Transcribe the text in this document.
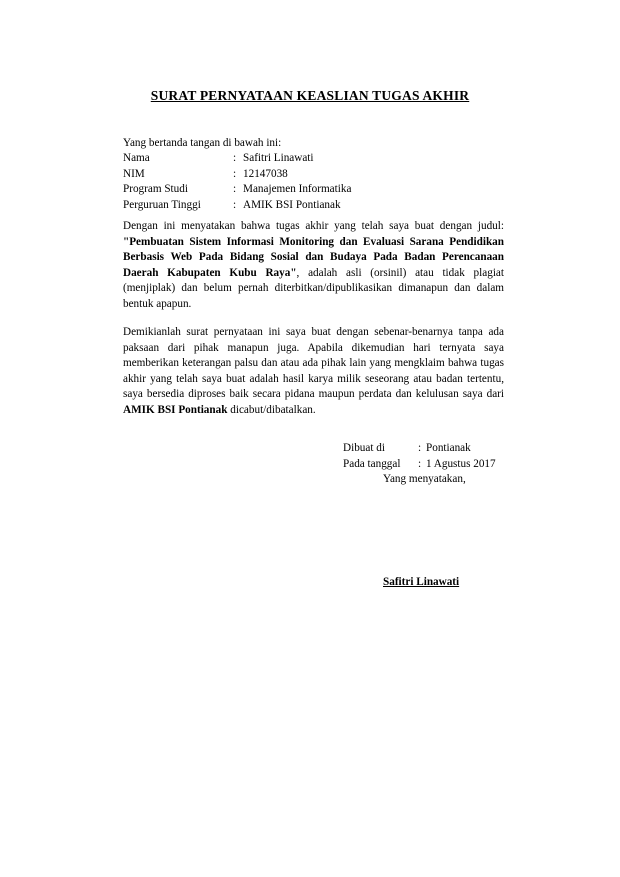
SURAT PERNYATAAN KEASLIAN TUGAS AKHIR
Yang bertanda tangan di bawah ini:
Nama	: Safitri Linawati
NIM	: 12147038
Program Studi	: Manajemen Informatika
Perguruan Tinggi	: AMIK BSI Pontianak

Dengan ini menyatakan bahwa tugas akhir yang telah saya buat dengan judul: "Pembuatan Sistem Informasi Monitoring dan Evaluasi Sarana Pendidikan Berbasis Web Pada Bidang Sosial dan Budaya Pada Badan Perencanaan Daerah Kabupaten Kubu Raya", adalah asli (orsinil) atau tidak plagiat (menjiplak) dan belum pernah diterbitkan/dipublikasikan dimanapun dan dalam bentuk apapun.

Demikianlah surat pernyataan ini saya buat dengan sebenar-benarnya tanpa ada paksaan dari pihak manapun juga. Apabila dikemudian hari ternyata saya memberikan keterangan palsu dan atau ada pihak lain yang mengklaim bahwa tugas akhir yang telah saya buat adalah hasil karya milik seseorang atau badan tertentu, saya bersedia diproses baik secara pidana maupun perdata dan kelulusan saya dari AMIK BSI Pontianak dicabut/dibatalkan.

Dibuat di	: Pontianak
Pada tanggal	: 1 Agustus 2017
Yang menyatakan,
Safitri Linawati
